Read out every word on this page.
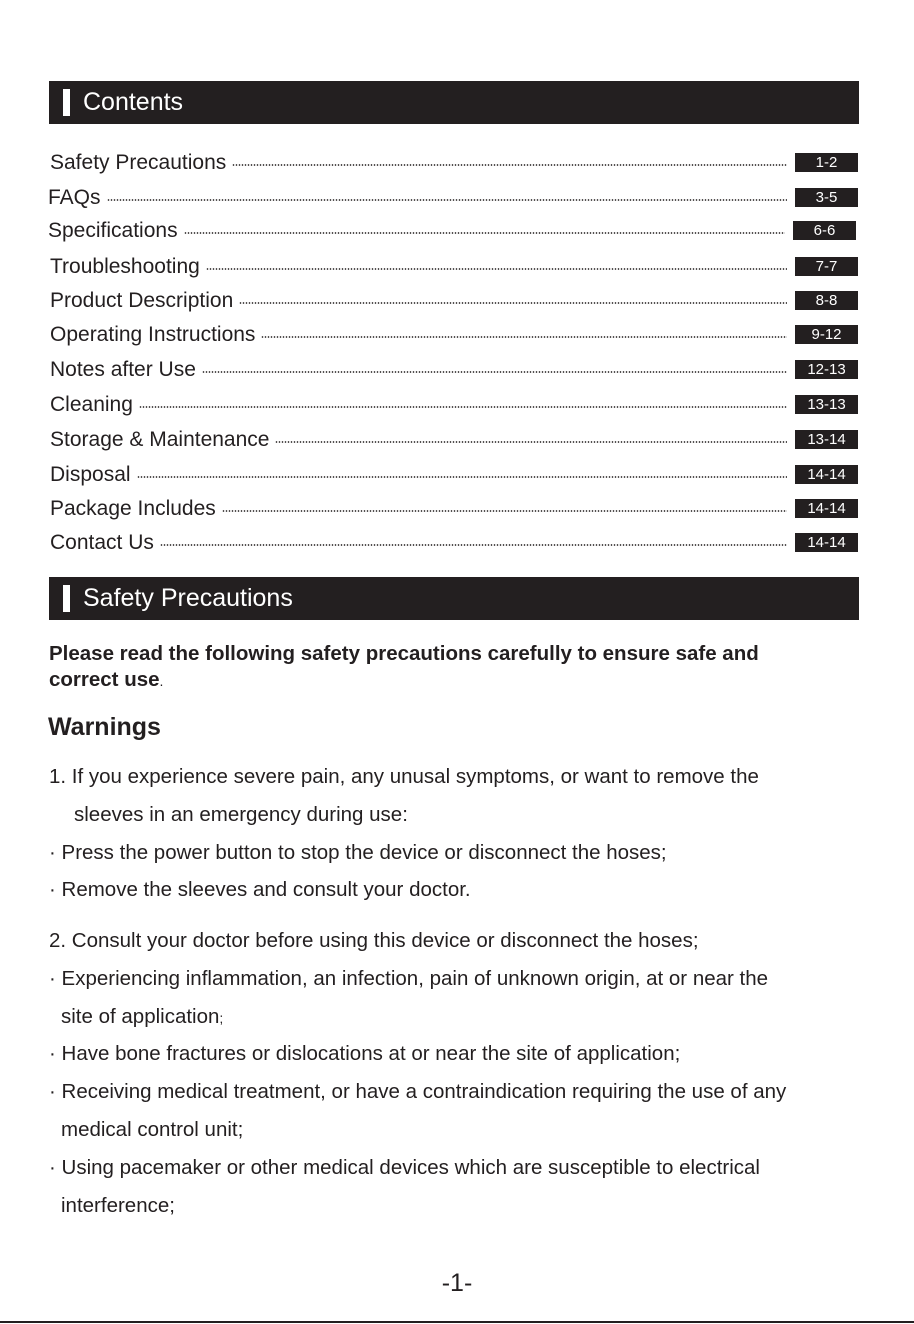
Contents
Safety Precautions	1-2
FAQs	3-5
Specifications	6-6
Troubleshooting	7-7
Product Description	8-8
Operating Instructions	9-12
Notes after Use	12-13
Cleaning	13-13
Storage & Maintenance	13-14
Disposal	14-14
Package Includes	14-14
Contact Us	14-14
Safety Precautions
Please read the following safety precautions carefully to ensure safe and
correct use.
Warnings
1. If you experience severe pain, any unusal symptoms, or want to remove the
sleeves in an emergency during use:
· Press the power button to stop the device or disconnect the hoses;
· Remove the sleeves and consult your doctor.
2. Consult your doctor before using this device or disconnect the hoses;
· Experiencing inflammation, an infection, pain of unknown origin, at or near the
site of application;
· Have bone fractures or dislocations at or near the site of application;
· Receiving medical treatment, or have a contraindication requiring the use of any
medical control unit;
· Using pacemaker or other medical devices which are susceptible to electrical
interference;
-1-
